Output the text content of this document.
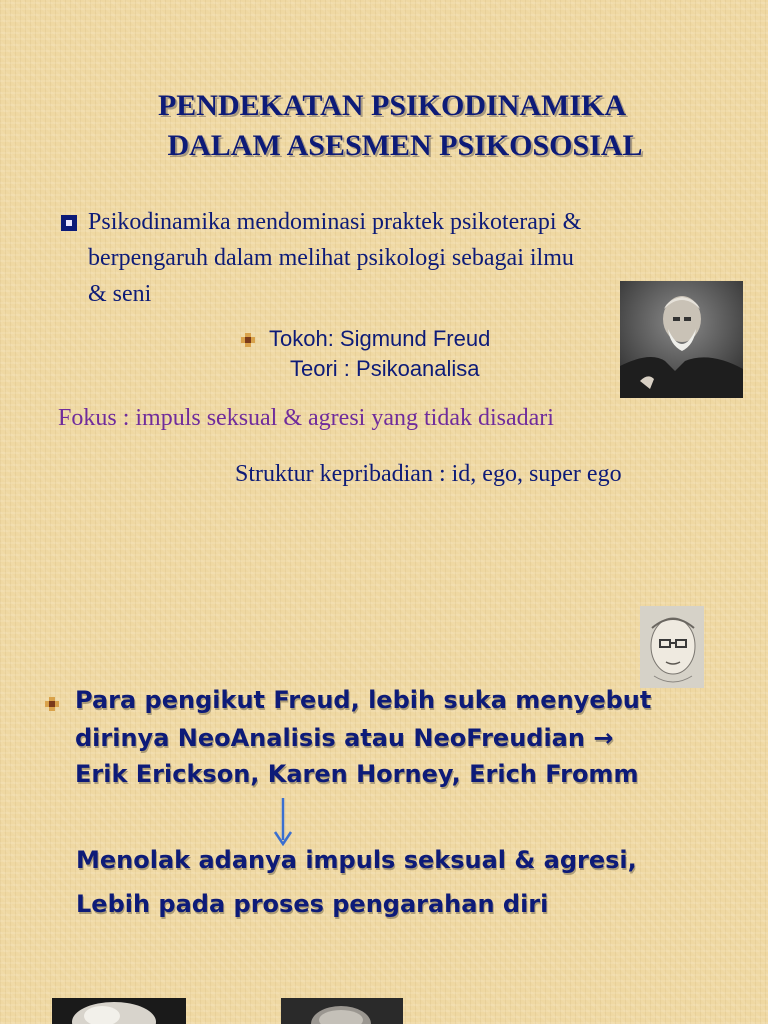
PENDEKATAN PSIKODINAMIKA
DALAM ASESMEN PSIKOSOSIAL
Psikodinamika mendominasi praktek psikoterapi &
berpengaruh dalam melihat psikologi sebagai ilmu
& seni
Tokoh: Sigmund Freud
Teori : Psikoanalisa
Fokus : impuls seksual & agresi yang tidak disadari
Struktur kepribadian : id, ego, super ego
Para pengikut Freud, lebih suka menyebut
dirinya NeoAnalisis atau NeoFreudian →
Erik Erickson, Karen Horney, Erich Fromm
Menolak adanya impuls seksual & agresi,
Lebih pada proses pengarahan diri
